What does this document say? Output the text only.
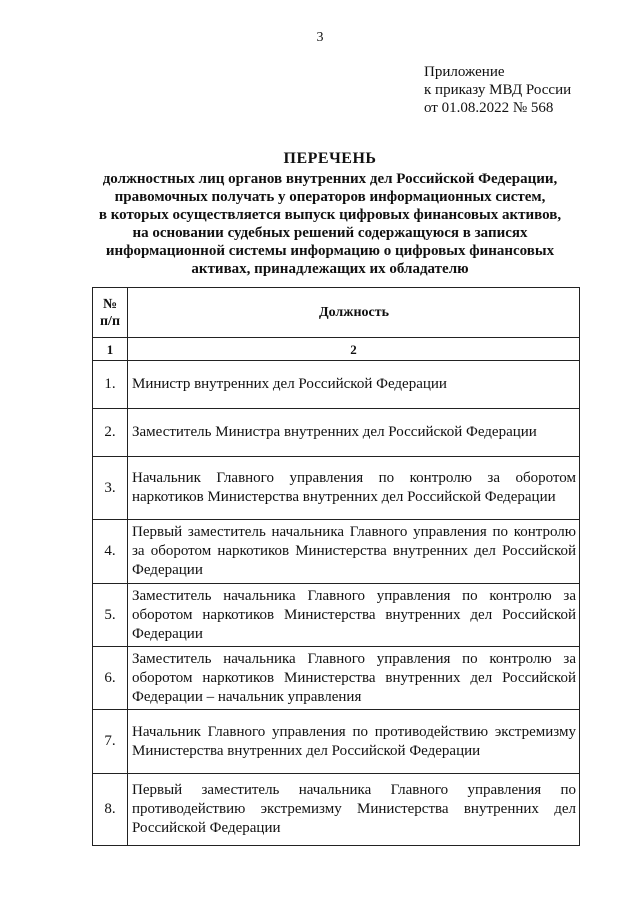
3
Приложение
к приказу МВД России
от 01.08.2022 № 568
ПЕРЕЧЕНЬ
должностных лиц органов внутренних дел Российской Федерации,
правомочных получать у операторов информационных систем,
в которых осуществляется выпуск цифровых финансовых активов,
на основании судебных решений содержащуюся в записях
информационной системы информацию о цифровых финансовых
активах, принадлежащих их обладателю
№
п/п	Должность
1	2
1.	Министр внутренних дел Российской Федерации
2.	Заместитель Министра внутренних дел Российской Федерации
3.	Начальник Главного управления по контролю за оборотом наркотиков Министерства внутренних дел Российской Федерации
4.	Первый заместитель начальника Главного управления по контролю за оборотом наркотиков Министерства внутренних дел Российской Федерации
5.	Заместитель начальника Главного управления по контролю за оборотом наркотиков Министерства внутренних дел Российской Федерации
6.	Заместитель начальника Главного управления по контролю за оборотом наркотиков Министерства внутренних дел Российской Федерации – начальник управления
7.	Начальник Главного управления по противодействию экстремизму Министерства внутренних дел Российской Федерации
8.	Первый заместитель начальника Главного управления по противодействию экстремизму Министерства внутренних дел Российской Федерации
